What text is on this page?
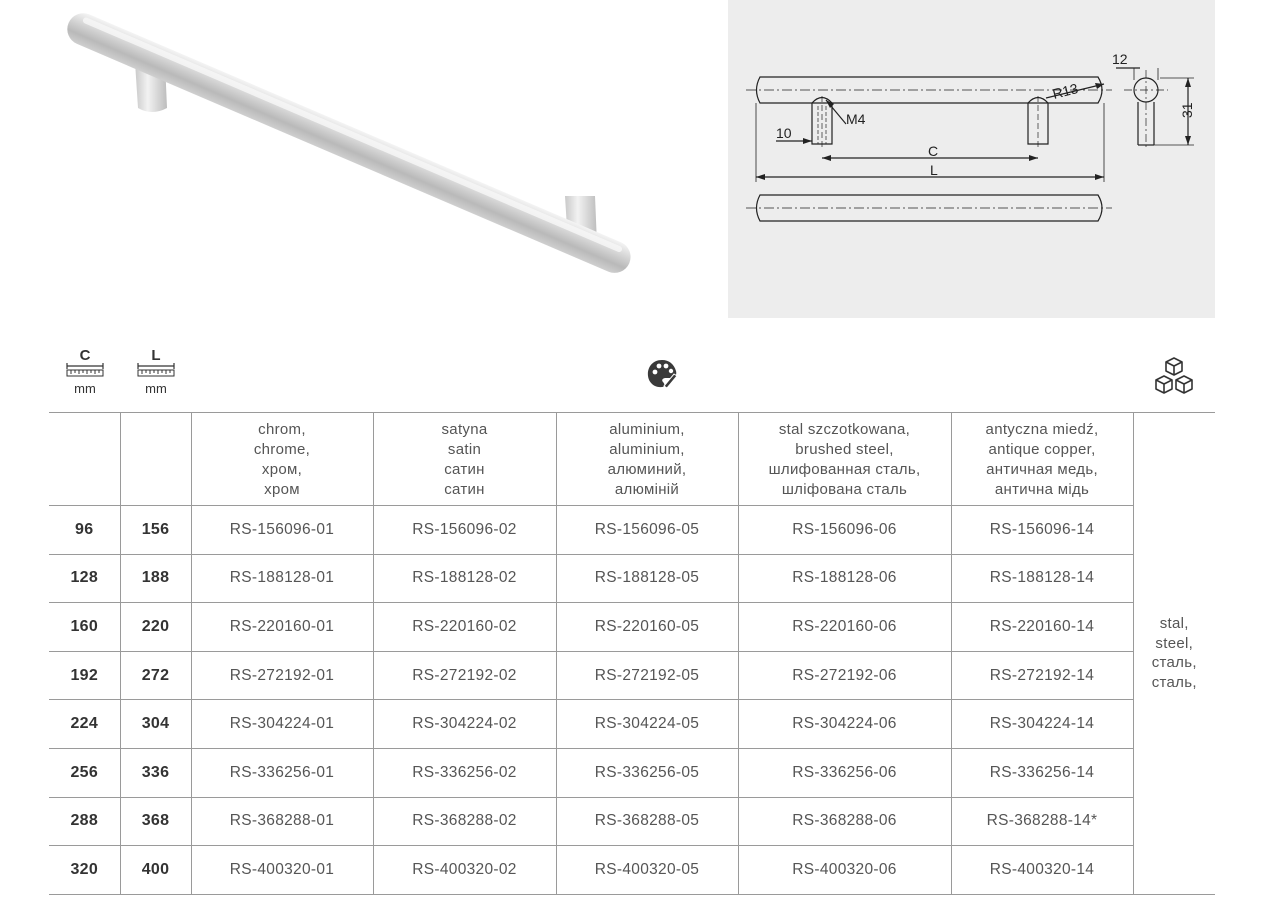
12
31
R13
M4
10
C
L
C
mm
L
mm

		chrom,
chrome,
хром,
хром	satyna
satin
сатин
сатин	aluminium,
aluminium,
алюминий,
алюміній	stal szczotkowana,
brushed steel,
шлифованная сталь,
шліфована сталь	antyczna miedź,
antique copper,
античная медь,
антична мідь	stal,
steel,
сталь,
сталь,

96	156	RS-156096-01	RS-156096-02	RS-156096-05	RS-156096-06	RS-156096-14	
128	188	RS-188128-01	RS-188128-02	RS-188128-05	RS-188128-06	RS-188128-14	
160	220	RS-220160-01	RS-220160-02	RS-220160-05	RS-220160-06	RS-220160-14	
192	272	RS-272192-01	RS-272192-02	RS-272192-05	RS-272192-06	RS-272192-14	
224	304	RS-304224-01	RS-304224-02	RS-304224-05	RS-304224-06	RS-304224-14	
256	336	RS-336256-01	RS-336256-02	RS-336256-05	RS-336256-06	RS-336256-14	
288	368	RS-368288-01	RS-368288-02	RS-368288-05	RS-368288-06	RS-368288-14*	
320	400	RS-400320-01	RS-400320-02	RS-400320-05	RS-400320-06	RS-400320-14	
